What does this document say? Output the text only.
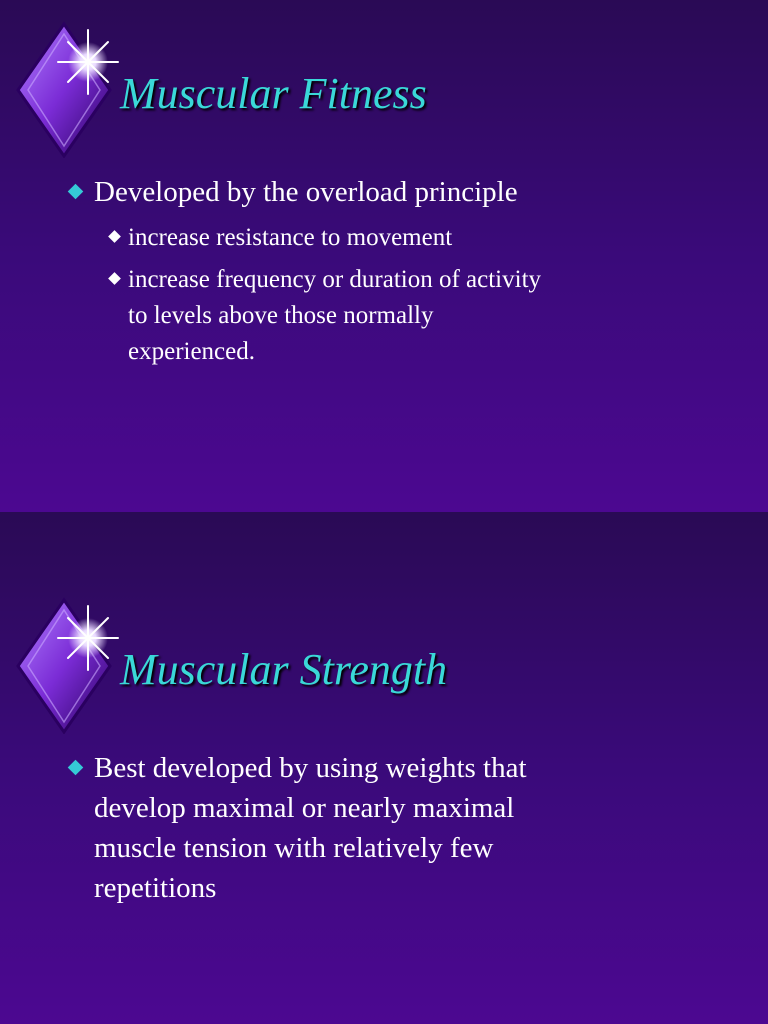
Muscular Fitness
Developed by the overload principle
increase resistance to movement
increase frequency or duration of activity
to levels above those normally
experienced.
Muscular Strength
Best developed by using weights that
develop maximal or nearly maximal
muscle tension with relatively few
repetitions
